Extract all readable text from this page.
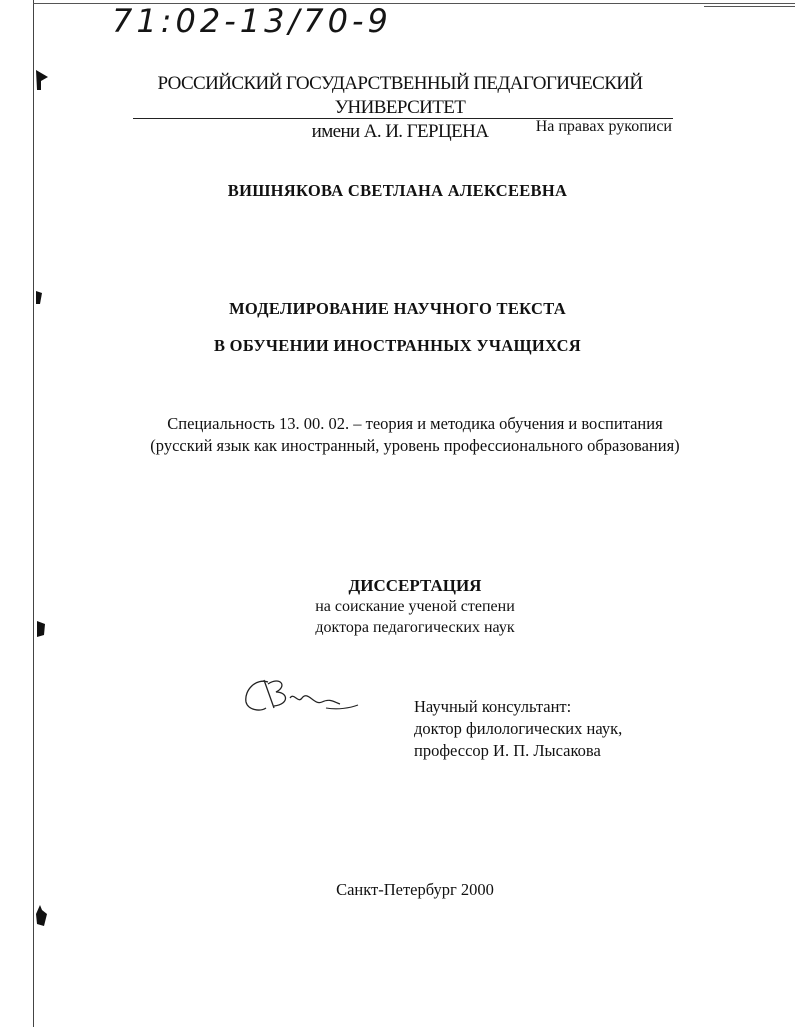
71:02-13/70-9
РОССИЙСКИЙ ГОСУДАРСТВЕННЫЙ ПЕДАГОГИЧЕСКИЙ УНИВЕРСИТЕТ
имени А. И. ГЕРЦЕНА	На правах рукописи
ВИШНЯКОВА СВЕТЛАНА АЛЕКСЕЕВНА
МОДЕЛИРОВАНИЕ НАУЧНОГО ТЕКСТА
В ОБУЧЕНИИ ИНОСТРАННЫХ УЧАЩИХСЯ
Специальность 13. 00. 02. – теория и методика обучения и воспитания
(русский язык как иностранный, уровень профессионального образования)
ДИССЕРТАЦИЯ
на соискание ученой степени
доктора педагогических наук
Научный консультант:
доктор филологических наук,
профессор И. П. Лысакова
Санкт-Петербург 2000
